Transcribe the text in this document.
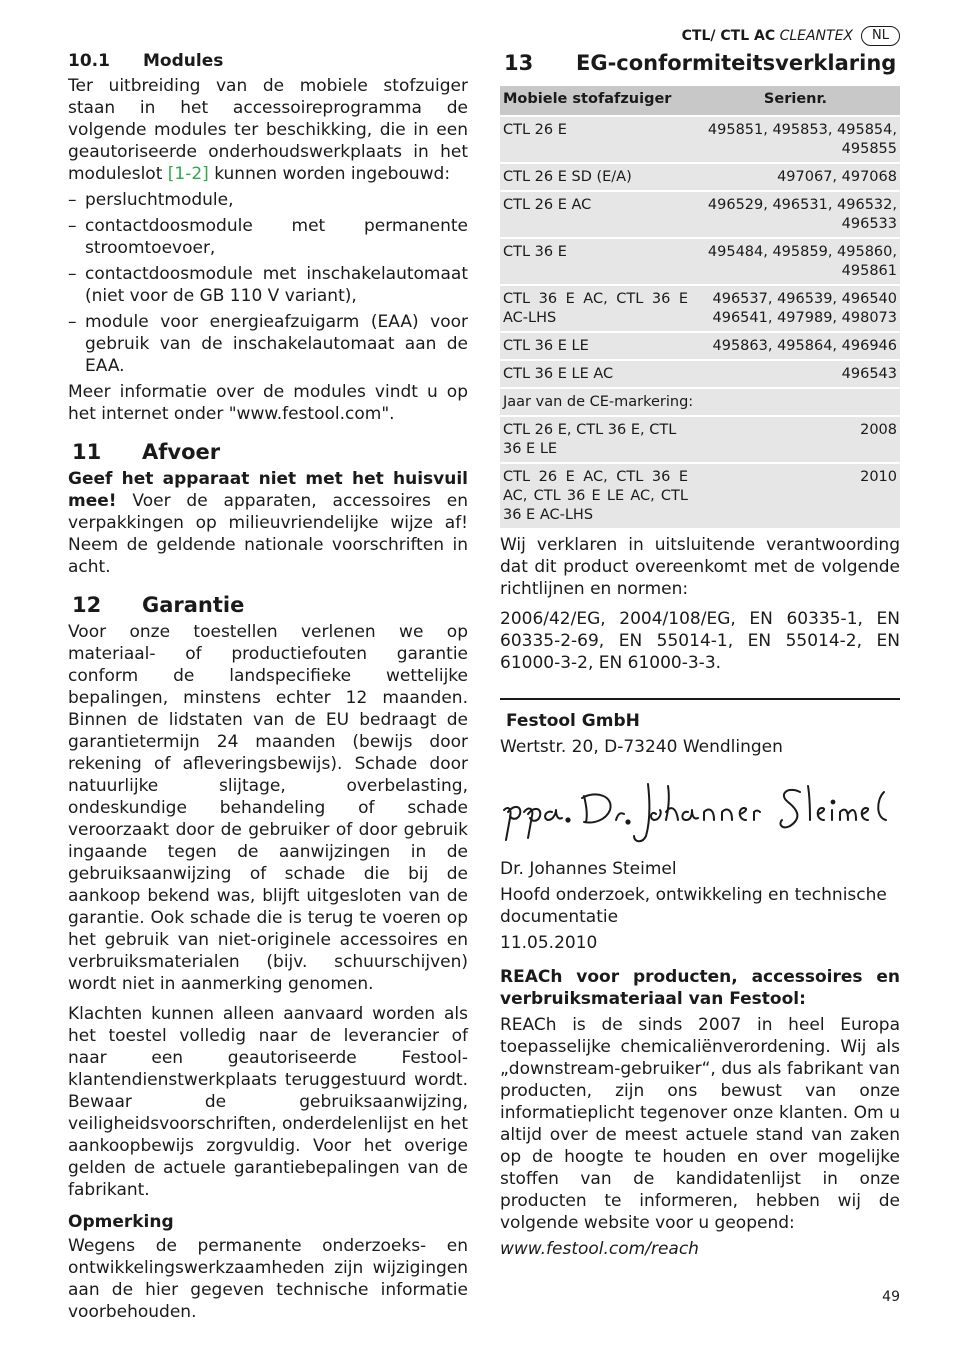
CTL/ CTL AC CLEANTEX	NL
10.1 Modules

Ter uitbreiding van de mobiele stofzuiger staan in het accessoireprogramma de volgende modules ter beschikking, die in een geautoriseerde onderhoudswerkplaats in het moduleslot [1-2] kunnen worden ingebouwd:

– persluchtmodule,
– contactdoosmodule met permanente stroomtoevoer,
– contactdoosmodule met inschakelautomaat (niet voor de GB 110 V variant),
– module voor energieafzuigarm (EAA) voor gebruik van de inschakelautomaat aan de EAA.

Meer informatie over de modules vindt u op het internet onder "www.festool.com".

11 Afvoer

Geef het apparaat niet met het huisvuil mee! Voer de apparaten, accessoires en verpakkingen op milieuvriendelijke wijze af! Neem de geldende nationale voorschriften in acht.

12 Garantie

Voor onze toestellen verlenen we op materiaal- of productiefouten garantie conform de landspecifieke wettelijke bepalingen, minstens echter 12 maanden. Binnen de lidstaten van de EU bedraagt de garantietermijn 24 maanden (bewijs door rekening of afleveringsbewijs). Schade door natuurlijke slijtage, overbelasting, ondeskundige behandeling of schade veroorzaakt door de gebruiker of door gebruik ingaande tegen de aanwijzingen in de gebruiksaanwijzing of schade die bij de aankoop bekend was, blijft uitgesloten van de garantie. Ook schade die is terug te voeren op het gebruik van niet-originele accessoires en verbruiksmaterialen (bijv. schuurschijven) wordt niet in aanmerking genomen.

Klachten kunnen alleen aanvaard worden als het toestel volledig naar de leverancier of naar een geautoriseerde Festool-klantendienstwerkplaats teruggestuurd wordt. Bewaar de gebruiksaanwijzing, veiligheidsvoorschriften, onderdelenlijst en het aankoopbewijs zorgvuldig. Voor het overige gelden de actuele garantiebepalingen van de fabrikant.

Opmerking

Wegens de permanente onderzoeks- en ontwikkelingswerkzaamheden zijn wijzigingen aan de hier gegeven technische informatie voorbehouden.

13 EG-conformiteitsverklaring
Mobiele stofafzuiger	Serienr.
CTL 26 E	495851, 495853, 495854, 495855
CTL 26 E SD (E/A)	497067, 497068
CTL 26 E AC	496529, 496531, 496532, 496533
CTL 36 E	495484, 495859, 495860, 495861
CTL 36 E AC, CTL 36 E AC-LHS	496537, 496539, 496540 496541, 497989, 498073
CTL 36 E LE	495863, 495864, 496946
CTL 36 E LE AC	496543
Jaar van de CE-markering:	
CTL 26 E, CTL 36 E, CTL 36 E LE	2008
CTL 26 E AC, CTL 36 E AC, CTL 36 E LE AC, CTL 36 E AC-LHS	2010

Wij verklaren in uitsluitende verantwoording dat dit product overeenkomt met de volgende richtlijnen en normen:

2006/42/EG, 2004/108/EG, EN 60335-1, EN 60335-2-69, EN 55014-1, EN 55014-2, EN 61000-3-2, EN 61000-3-3.

Festool GmbH

Wertstr. 20, D-73240 Wendlingen

Dr. Johannes Steimel

Hoofd onderzoek, ontwikkeling en technische documentatie

11.05.2010

REACh voor producten, accessoires en verbruiksmateriaal van Festool:

REACh is de sinds 2007 in heel Europa toepasselijke chemicaliënverordening. Wij als „downstream-gebruiker“, dus als fabrikant van producten, zijn ons bewust van onze informatieplicht tegenover onze klanten. Om u altijd over de meest actuele stand van zaken op de hoogte te houden en over mogelijke stoffen van de kandidatenlijst in onze producten te informeren, hebben wij de volgende website voor u geopend:

www.festool.com/reach

49
